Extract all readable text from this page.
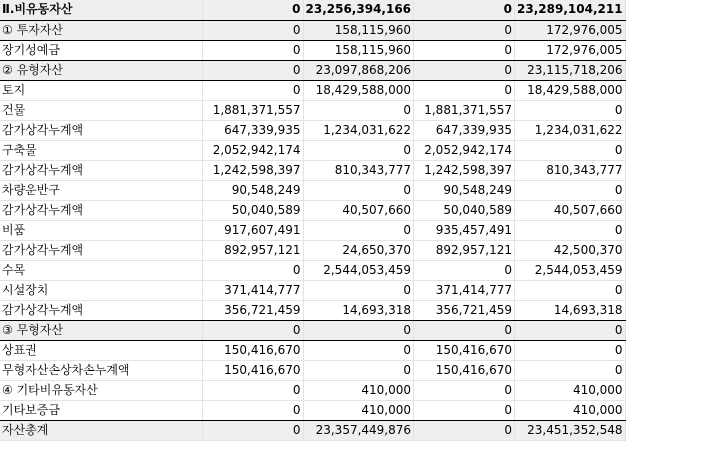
Ⅱ.비유동자산	0	23,256,394,166	0	23,289,104,211
① 투자자산	0	158,115,960	0	172,976,005
장기성예금	0	158,115,960	0	172,976,005
② 유형자산	0	23,097,868,206	0	23,115,718,206
토지	0	18,429,588,000	0	18,429,588,000
건물	1,881,371,557	0	1,881,371,557	0
감가상각누계액	647,339,935	1,234,031,622	647,339,935	1,234,031,622
구축물	2,052,942,174	0	2,052,942,174	0
감가상각누계액	1,242,598,397	810,343,777	1,242,598,397	810,343,777
차량운반구	90,548,249	0	90,548,249	0
감가상각누계액	50,040,589	40,507,660	50,040,589	40,507,660
비품	917,607,491	0	935,457,491	0
감가상각누계액	892,957,121	24,650,370	892,957,121	42,500,370
수목	0	2,544,053,459	0	2,544,053,459
시설장치	371,414,777	0	371,414,777	0
감가상각누계액	356,721,459	14,693,318	356,721,459	14,693,318
③ 무형자산	0	0	0	0
상표권	150,416,670	0	150,416,670	0
무형자산손상차손누계액	150,416,670	0	150,416,670	0
④ 기타비유동자산	0	410,000	0	410,000
기타보증금	0	410,000	0	410,000
자산총계	0	23,357,449,876	0	23,451,352,548
